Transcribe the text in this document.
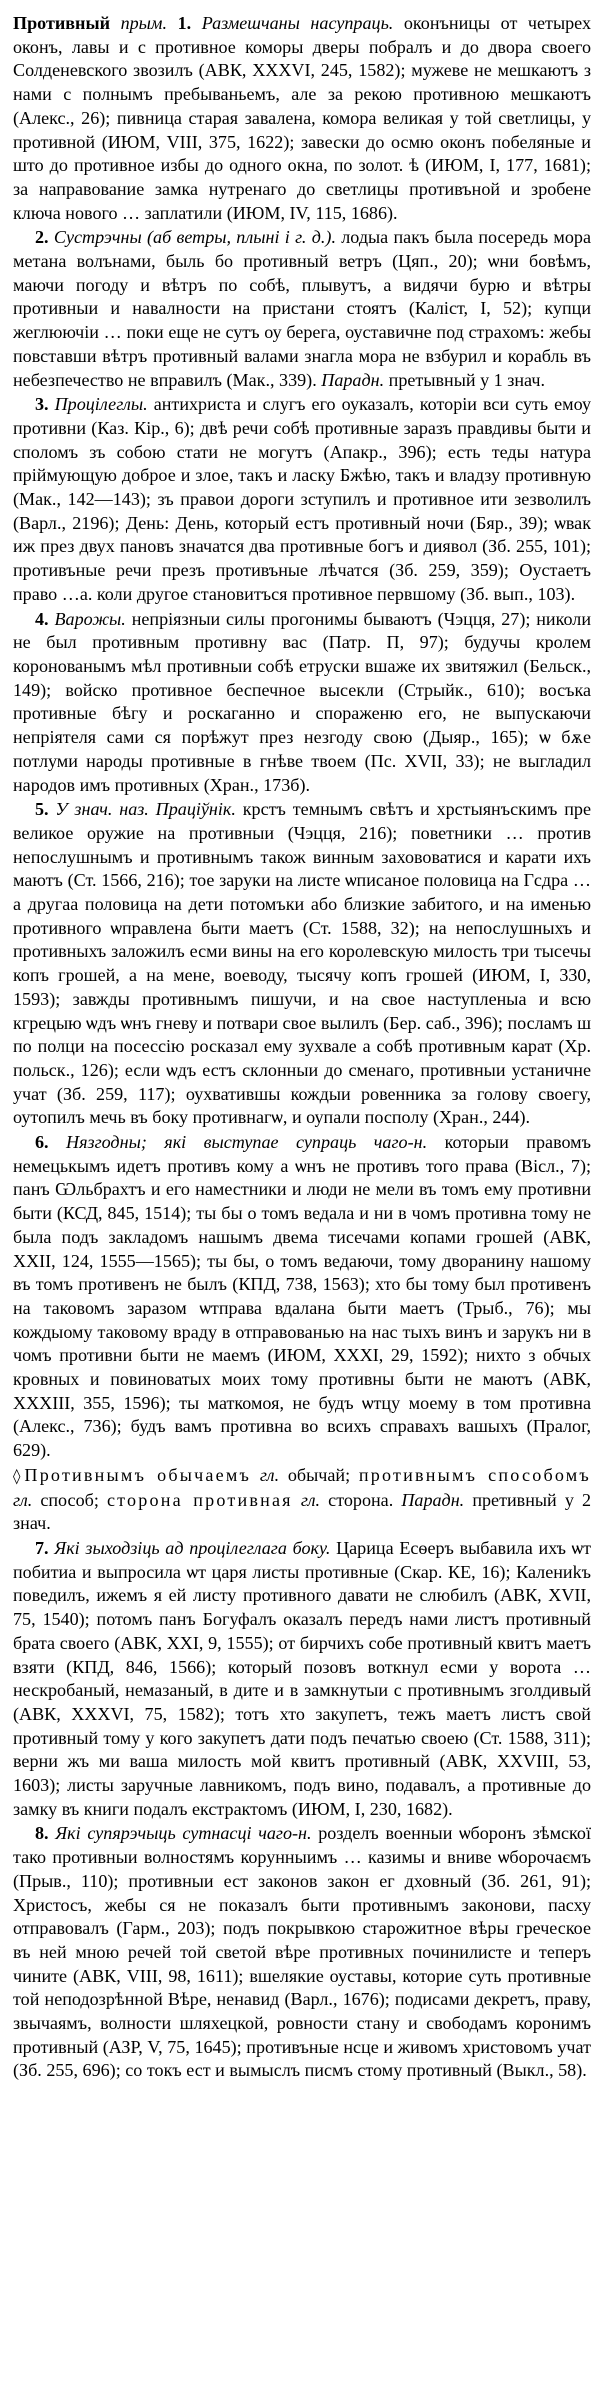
Противный прым. 1. Размешчаны насупраць. оконъницы от четырех оконъ, лавы и с противное коморы дверы побралъ и до двора своего Солденевского звозилъ (АВК, XXXVI, 245, 1582); мужеве не мешкаютъ з нами с полнымъ пребываньемъ, але за рекою противною мешкаютъ (Алекс., 26); пивница старая завалена, комора великая у той светлицы, у противной (ИЮМ, VIII, 375, 1622); завески до осмю оконъ побеляные и што до противное избы до одного окна, по золот. ѣ (ИЮМ, I, 177, 1681); за направование замка нутренаго до светлицы противъной и зробене ключа нового … заплатили (ИЮМ, IV, 115, 1686).

2. Сустрэчны (аб ветры, плыні і г. д.). лодыа пакъ была посередь мора метана волънами, быль бо противный ветръ (Цяп., 20); ѡни бовѣмъ, маючи погоду и вѣтръ по собѣ, плывутъ, а видячи бурю и вѣтры противныи и навалности на пристани стоятъ (Каліст, I, 52); купци жеглюючіи … поки еще не сутъ оу берега, оуставичне под страхомъ: жебы повставши вѣтръ противный валами знагла мора не взбурил и корабль въ небезпечество не вправилъ (Мак., 339). Парадн. претывный у 1 знач.

3. Процілеглы. антихриста и слугъ его оуказалъ, которіи вси суть емоу противни (Каз. Кір., 6); двѣ речи собѣ противные заразъ правдивы быти и споломъ зъ собою стати не могутъ (Апакр., 396); есть теды натура пріймующую доброе и злое, такъ и ласку Бжѣю, такъ и владзу противную (Мак., 142—143); зъ правои дороги зступилъ и противное ити зезволилъ (Варл., 2196); День: День, который естъ противный ночи (Бяр., 39); ѡвак иж през двух пановъ значатся два противные богъ и диявол (Зб. 255, 101); противъные речи презъ противъные лѣчатся (Зб. 259, 359); Оустаетъ право …а. коли другое становитъся противное первшому (Зб. вып., 103).

4. Варожы. непріязныи силы прогонимы бываютъ (Чэцця, 27); николи не был противным противну вас (Патр. П, 97); будучы кролем коронованымъ мѣл противныи собѣ етруски вшаже их звитяжил (Бельск., 149); войско противное беспечное высекли (Стрыйк., 610); восъка противные бѣгу и роскаганно и спораженю его, не выпускаючи непріятеля сами ся порѣжут през незгоду свою (Дыяр., 165); ѡ бѫе потлуми народы противные в гнѣве твоем (Пс. XVII, 33); не выгладил народов имъ противных (Хран., 173б).

5. У знач. наз. Праціўнік. крстъ темнымъ свѣтъ и хрстыянъскимъ пре великое оружие на противныи (Чэцця, 216); поветники … против непослушнымъ и противнымъ також винным захововатися и карати ихъ маютъ (Ст. 1566, 216); тое заруки на листе ѡписаное половица на Гсдра … а другаа половица на дети потомъки або близкие забитого, и на именью противного ѡправлена быти маетъ (Ст. 1588, 32); на непослушныхъ и противныхъ заложилъ есми вины на его королевскую милость три тысечы копъ грошей, а на мене, воеводу, тысячу копъ грошей (ИЮМ, I, 330, 1593); завжды противнымъ пишучи, и на свое наступленыа и всю кгрецыю ѡдъ ѡнъ гневу и потвари свое вылилъ (Бер. саб., 396); посламъ ш по полци на посессію росказал ему зухвале а собѣ противным карат (Хр. польск., 126); если ѡдъ естъ склонныи до сменаго, противныи устаничне учат (Зб. 259, 117); оухватившы кождыи ровенника за голову своегу, оутопилъ мечь въ боку противнагѡ, и оупали посполу (Хран., 244).

6. Нязгодны; які выступае супраць чаго-н. которыи правомъ немецькымъ идетъ противъ кому а ѡнъ не противъ того права (Віcл., 7); панъ Ѡльбрахтъ и его наместники и люди не мели въ томъ ему противни быти (КСД, 845, 1514); ты бы о томъ ведала и ни в чомъ противна тому не была подъ закладомъ нашымъ двема тисечами копами грошей (АВК, XXII, 124, 1555—1565); ты бы, о томъ ведаючи, тому дворанину нашому въ томъ противенъ не былъ (КПД, 738, 1563); хто бы тому был противенъ на таковомъ заразом ѡтправа вдалана быти маетъ (Трыб., 76); мы кождыому таковому враду в отправованью на нас тыхъ винъ и зарукъ ни в чомъ противни быти не маемъ (ИЮМ, XXXI, 29, 1592); нихто з обчых кровных и повиноватых моих тому противны быти не маютъ (АВК, XXXIII, 355, 1596); ты маткомоя, не будъ ѡтцу моему в том противна (Алекс., 736); будъ вамъ противна во всихъ справахъ вашыхъ (Пралог, 629).

◊ Противнымъ обычаемъ гл. обычай; противнымъ способомъ гл. способ; сторона противная гл. сторона. Парадн. претивный у 2 знач.

7. Які зыходзіць ад процілеглага боку. Царица Есѳеръ выбавила ихъ ѡт побитиа и выпросила ѡт царя листы противные (Скар. КЕ, 16); Калениkъ поведилъ, ижемъ я ей листу противного давати не слюбилъ (АВК, XVII, 75, 1540); потомъ панъ Богуфалъ оказалъ передъ нами листъ противный брата своего (АВК, XXI, 9, 1555); от бирчихъ собе противный квитъ маетъ взяти (КПД, 846, 1566); который позовъ воткнул есми у ворота … нескрoбаный, немазаный, в дите и в замкнутыи с противнымъ зголдивый (АВК, XXXVI, 75, 1582); тотъ хто закупетъ, тежъ маетъ листъ свой противный тому у кого закупетъ дати подъ печатью своею (Ст. 1588, 311); верни жъ ми ваша милость мой квитъ противный (АВК, XXVIII, 53, 1603); листы заручные лавникомъ, подъ вино, подавалъ, а противные до замку въ книги подалъ екстрактомъ (ИЮМ, I, 230, 1682).

8. Які супярэчыць сутнасці чаго-н. розделъ военныи ѡборонъ зѣмскої тако противныи волностямъ корунныимъ … казимы и вниве ѡборочаємъ (Прыв., 110); противныи ест законов закон ег дховный (Зб. 261, 91); Христосъ, жебы ся не показалъ быти противнымъ законови, пасху отправовалъ (Гарм., 203); подъ покрывкою старожитное вѣры греческое въ ней мною речей той светой вѣре противных починилистe и теперъ чините (АВК, VIII, 98, 1611); вшелякие оуставы, которие суть противные той неподозрѣнной Вѣре, ненавид (Варл., 1676); подисами декретъ, праву, звычаямъ, волности шляхецкой, ровности стану и свободамъ коронимъ противный (АЗР, V, 75, 1645); противъные нсце и живомъ христовомъ учат (Зб. 255, 696); со токъ ест и вымыслъ писмъ стому противный (Выкл., 58).
